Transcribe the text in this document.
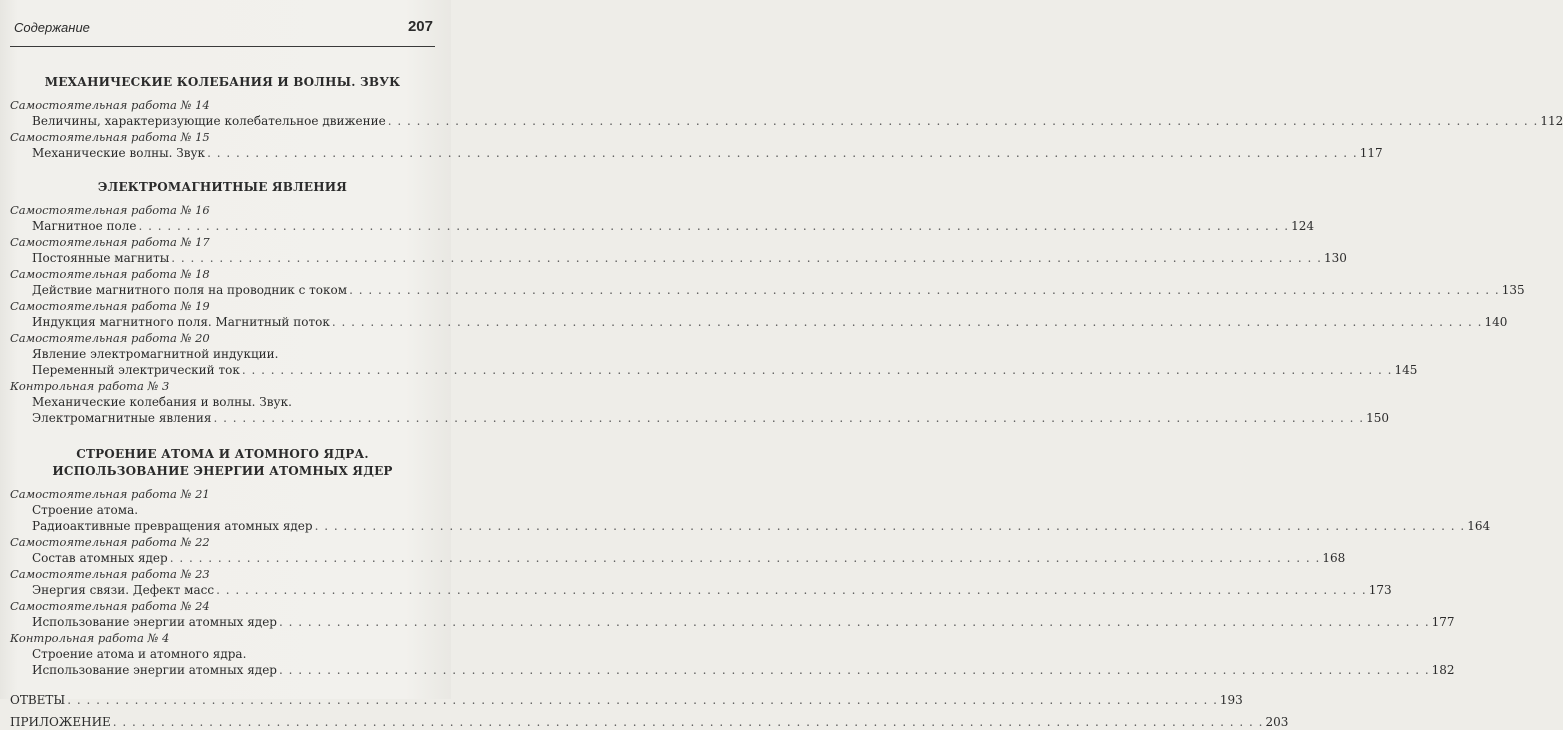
Содержание	207
МЕХАНИЧЕСКИЕ КОЛЕБАНИЯ И ВОЛНЫ. ЗВУК
Самостоятельная работа № 14
Величины, характеризующие колебательное движение . . . . . . . . . . . . . . . . . . . . . . . . . . . . . . . . . . . . . . . . . . . . . . . . . . . . . . . . . . . . . . . . . . . . . . . . . . . . . . . . . . . . . . . . . . . . . . . . . . . . . . . . . . . . . . . . . . . . . . . . 112
Самостоятельная работа № 15
Механические волны. Звук . . . . . . . . . . . . . . . . . . . . . . . . . . . . . . . . . . . . . . . . . . . . . . . . . . . . . . . . . . . . . . . . . . . . . . . . . . . . . . . . . . . . . . . . . . . . . . . . . . . . . . . . . . . . . . . . . . . . . . . . 117
ЭЛЕКТРОМАГНИТНЫЕ ЯВЛЕНИЯ
Самостоятельная работа № 16
Магнитное поле . . . . . . . . . . . . . . . . . . . . . . . . . . . . . . . . . . . . . . . . . . . . . . . . . . . . . . . . . . . . . . . . . . . . . . . . . . . . . . . . . . . . . . . . . . . . . . . . . . . . . . . . . . . . . . . . . . . . . . . . 124
Самостоятельная работа № 17
Постоянные магниты . . . . . . . . . . . . . . . . . . . . . . . . . . . . . . . . . . . . . . . . . . . . . . . . . . . . . . . . . . . . . . . . . . . . . . . . . . . . . . . . . . . . . . . . . . . . . . . . . . . . . . . . . . . . . . . . . . . . . . . . 130
Самостоятельная работа № 18
Действие магнитного поля на проводник с током . . . . . . . . . . . . . . . . . . . . . . . . . . . . . . . . . . . . . . . . . . . . . . . . . . . . . . . . . . . . . . . . . . . . . . . . . . . . . . . . . . . . . . . . . . . . . . . . . . . . . . . . . . . . . . . . . . . . . . . . 135
Самостоятельная работа № 19
Индукция магнитного поля. Магнитный поток . . . . . . . . . . . . . . . . . . . . . . . . . . . . . . . . . . . . . . . . . . . . . . . . . . . . . . . . . . . . . . . . . . . . . . . . . . . . . . . . . . . . . . . . . . . . . . . . . . . . . . . . . . . . . . . . . . . . . . . . 140
Самостоятельная работа № 20
Явление электромагнитной индукции.
Переменный электрический ток . . . . . . . . . . . . . . . . . . . . . . . . . . . . . . . . . . . . . . . . . . . . . . . . . . . . . . . . . . . . . . . . . . . . . . . . . . . . . . . . . . . . . . . . . . . . . . . . . . . . . . . . . . . . . . . . . . . . . . . . 145
Контрольная работа № 3
Механические колебания и волны. Звук.
Электромагнитные явления . . . . . . . . . . . . . . . . . . . . . . . . . . . . . . . . . . . . . . . . . . . . . . . . . . . . . . . . . . . . . . . . . . . . . . . . . . . . . . . . . . . . . . . . . . . . . . . . . . . . . . . . . . . . . . . . . . . . . . . . 150
СТРОЕНИЕ АТОМА И АТОМНОГО ЯДРА.
ИСПОЛЬЗОВАНИЕ ЭНЕРГИИ АТОМНЫХ ЯДЕР
Самостоятельная работа № 21
Строение атома.
Радиоактивные превращения атомных ядер . . . . . . . . . . . . . . . . . . . . . . . . . . . . . . . . . . . . . . . . . . . . . . . . . . . . . . . . . . . . . . . . . . . . . . . . . . . . . . . . . . . . . . . . . . . . . . . . . . . . . . . . . . . . . . . . . . . . . . . . 164
Самостоятельная работа № 22
Состав атомных ядер . . . . . . . . . . . . . . . . . . . . . . . . . . . . . . . . . . . . . . . . . . . . . . . . . . . . . . . . . . . . . . . . . . . . . . . . . . . . . . . . . . . . . . . . . . . . . . . . . . . . . . . . . . . . . . . . . . . . . . . . 168
Самостоятельная работа № 23
Энергия связи. Дефект масс . . . . . . . . . . . . . . . . . . . . . . . . . . . . . . . . . . . . . . . . . . . . . . . . . . . . . . . . . . . . . . . . . . . . . . . . . . . . . . . . . . . . . . . . . . . . . . . . . . . . . . . . . . . . . . . . . . . . . . . . 173
Самостоятельная работа № 24
Использование энергии атомных ядер . . . . . . . . . . . . . . . . . . . . . . . . . . . . . . . . . . . . . . . . . . . . . . . . . . . . . . . . . . . . . . . . . . . . . . . . . . . . . . . . . . . . . . . . . . . . . . . . . . . . . . . . . . . . . . . . . . . . . . . . 177
Контрольная работа № 4
Строение атома и атомного ядра.
Использование энергии атомных ядер . . . . . . . . . . . . . . . . . . . . . . . . . . . . . . . . . . . . . . . . . . . . . . . . . . . . . . . . . . . . . . . . . . . . . . . . . . . . . . . . . . . . . . . . . . . . . . . . . . . . . . . . . . . . . . . . . . . . . . . . 182
ОТВЕТЫ . . . . . . . . . . . . . . . . . . . . . . . . . . . . . . . . . . . . . . . . . . . . . . . . . . . . . . . . . . . . . . . . . . . . . . . . . . . . . . . . . . . . . . . . . . . . . . . . . . . . . . . . . . . . . . . . . . . . . . . . 193
ПРИЛОЖЕНИЕ . . . . . . . . . . . . . . . . . . . . . . . . . . . . . . . . . . . . . . . . . . . . . . . . . . . . . . . . . . . . . . . . . . . . . . . . . . . . . . . . . . . . . . . . . . . . . . . . . . . . . . . . . . . . . . . . . . . . . . . . 203
